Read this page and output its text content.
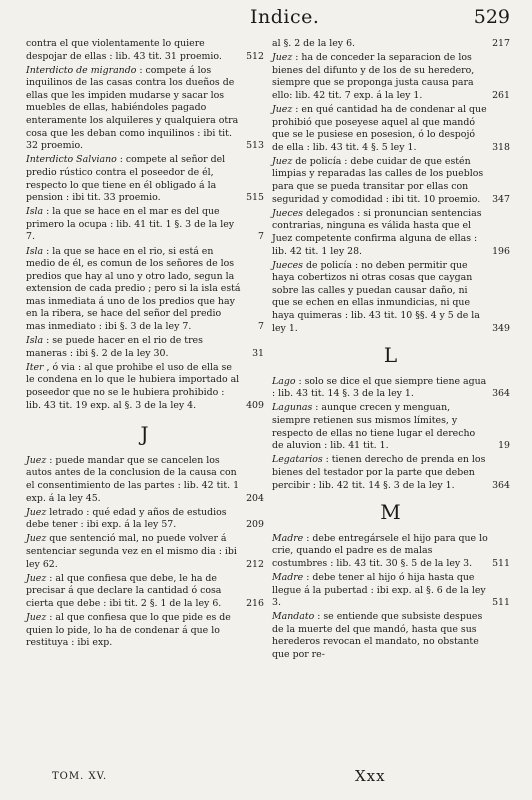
Indice.	529
contra el que violentamente lo quiere despojar de ellas : lib. 43 tit. 31 proemio.	512
Interdicto de migrando : compete á los inquilinos de las casas contra los dueños de ellas que les impiden mudarse y sacar los muebles de ellas, habiéndoles pagado enteramente los alquileres y qualquiera otra cosa que les deban como inquilinos : ibi tit. 32 proemio.	513
Interdicto Salviano : compete al señor del predio rústico contra el poseedor de él, respecto lo que tiene en él obligado á la pension : ibi tit. 33 proemio.	515
Isla : la que se hace en el mar es del que primero la ocupa : lib. 41 tit. 1 §. 3 de la ley 7.	7
Isla : la que se hace en el rio, si está en medio de él, es comun de los señores de los predios que hay al uno y otro lado, segun la extension de cada predio ; pero si la isla está mas inmediata á uno de los predios que hay en la ribera, se hace del señor del predio mas inmediato : ibi §. 3 de la ley 7.	7
Isla : se puede hacer en el rio de tres maneras : ibi §. 2 de la ley 30.	31
Iter , ó via : al que prohibe el uso de ella se le condena en lo que le hubiera importado al poseedor que no se le hubiera prohibido : lib. 43 tit. 19 exp. al §. 3 de la ley 4.	409
J
Juez : puede mandar que se cancelen los autos antes de la conclusion de la causa con el consentimiento de las partes : lib. 42 tit. 1 exp. á la ley 45.	204
Juez letrado : qué edad y años de estudios debe tener : ibi exp. á la ley 57.	209
Juez que sentenció mal, no puede volver á sentenciar segunda vez en el mismo dia : ibi ley 62.	212
Juez : al que confiesa que debe, le ha de precisar á que declare la cantidad ó cosa cierta que debe : ibi tit. 2 §. 1 de la ley 6.	216
Juez : al que confiesa que lo que pide es de quien lo pide, lo ha de condenar á que lo restituya : ibi exp.
al §. 2 de la ley 6.	217
Juez : ha de conceder la separacion de los bienes del difunto y de los de su heredero, siempre que se proponga justa causa para ello: lib. 42 tit. 7 exp. á la ley 1.	261
Juez : en qué cantidad ha de condenar al que prohibió que poseyese aquel al que mandó que se le pusiese en posesion, ó lo despojó de ella : lib. 43 tit. 4 §. 5 ley 1.	318
Juez de policía : debe cuidar de que estén limpias y reparadas las calles de los pueblos para que se pueda transitar por ellas con seguridad y comodidad : ibi tit. 10 proemio.	347
Jueces delegados : si pronuncian sentencias contrarias, ninguna es válida hasta que el Juez competente confirma alguna de ellas : lib. 42 tit. 1 ley 28.	196
Jueces de policía : no deben permitir que haya cobertizos ni otras cosas que caygan sobre las calles y puedan causar daño, ni que se echen en ellas inmundicias, ni que haya quimeras : lib. 43 tit. 10 §§. 4 y 5 de la ley 1.	349
L
Lago : solo se dice el que siempre tiene agua : lib. 43 tit. 14 §. 3 de la ley 1.	364
Lagunas : aunque crecen y menguan, siempre retienen sus mismos límites, y respecto de ellas no tiene lugar el derecho de aluvion : lib. 41 tit. 1.	19
Legatarios : tienen derecho de prenda en los bienes del testador por la parte que deben percibir : lib. 42 tit. 14 §. 3 de la ley 1.	364
M
Madre : debe entregársele el hijo para que lo crie, quando el padre es de malas costumbres : lib. 43 tit. 30 §. 5 de la ley 3.	511
Madre : debe tener al hijo ó hija hasta que llegue á la pubertad : ibi exp. al §. 6 de la ley 3.	511
Mandato : se entiende que subsiste despues de la muerte del que mandó, hasta que sus herederos revocan el mandato, no obstante que por re-
TOM. XV.	Xxx
